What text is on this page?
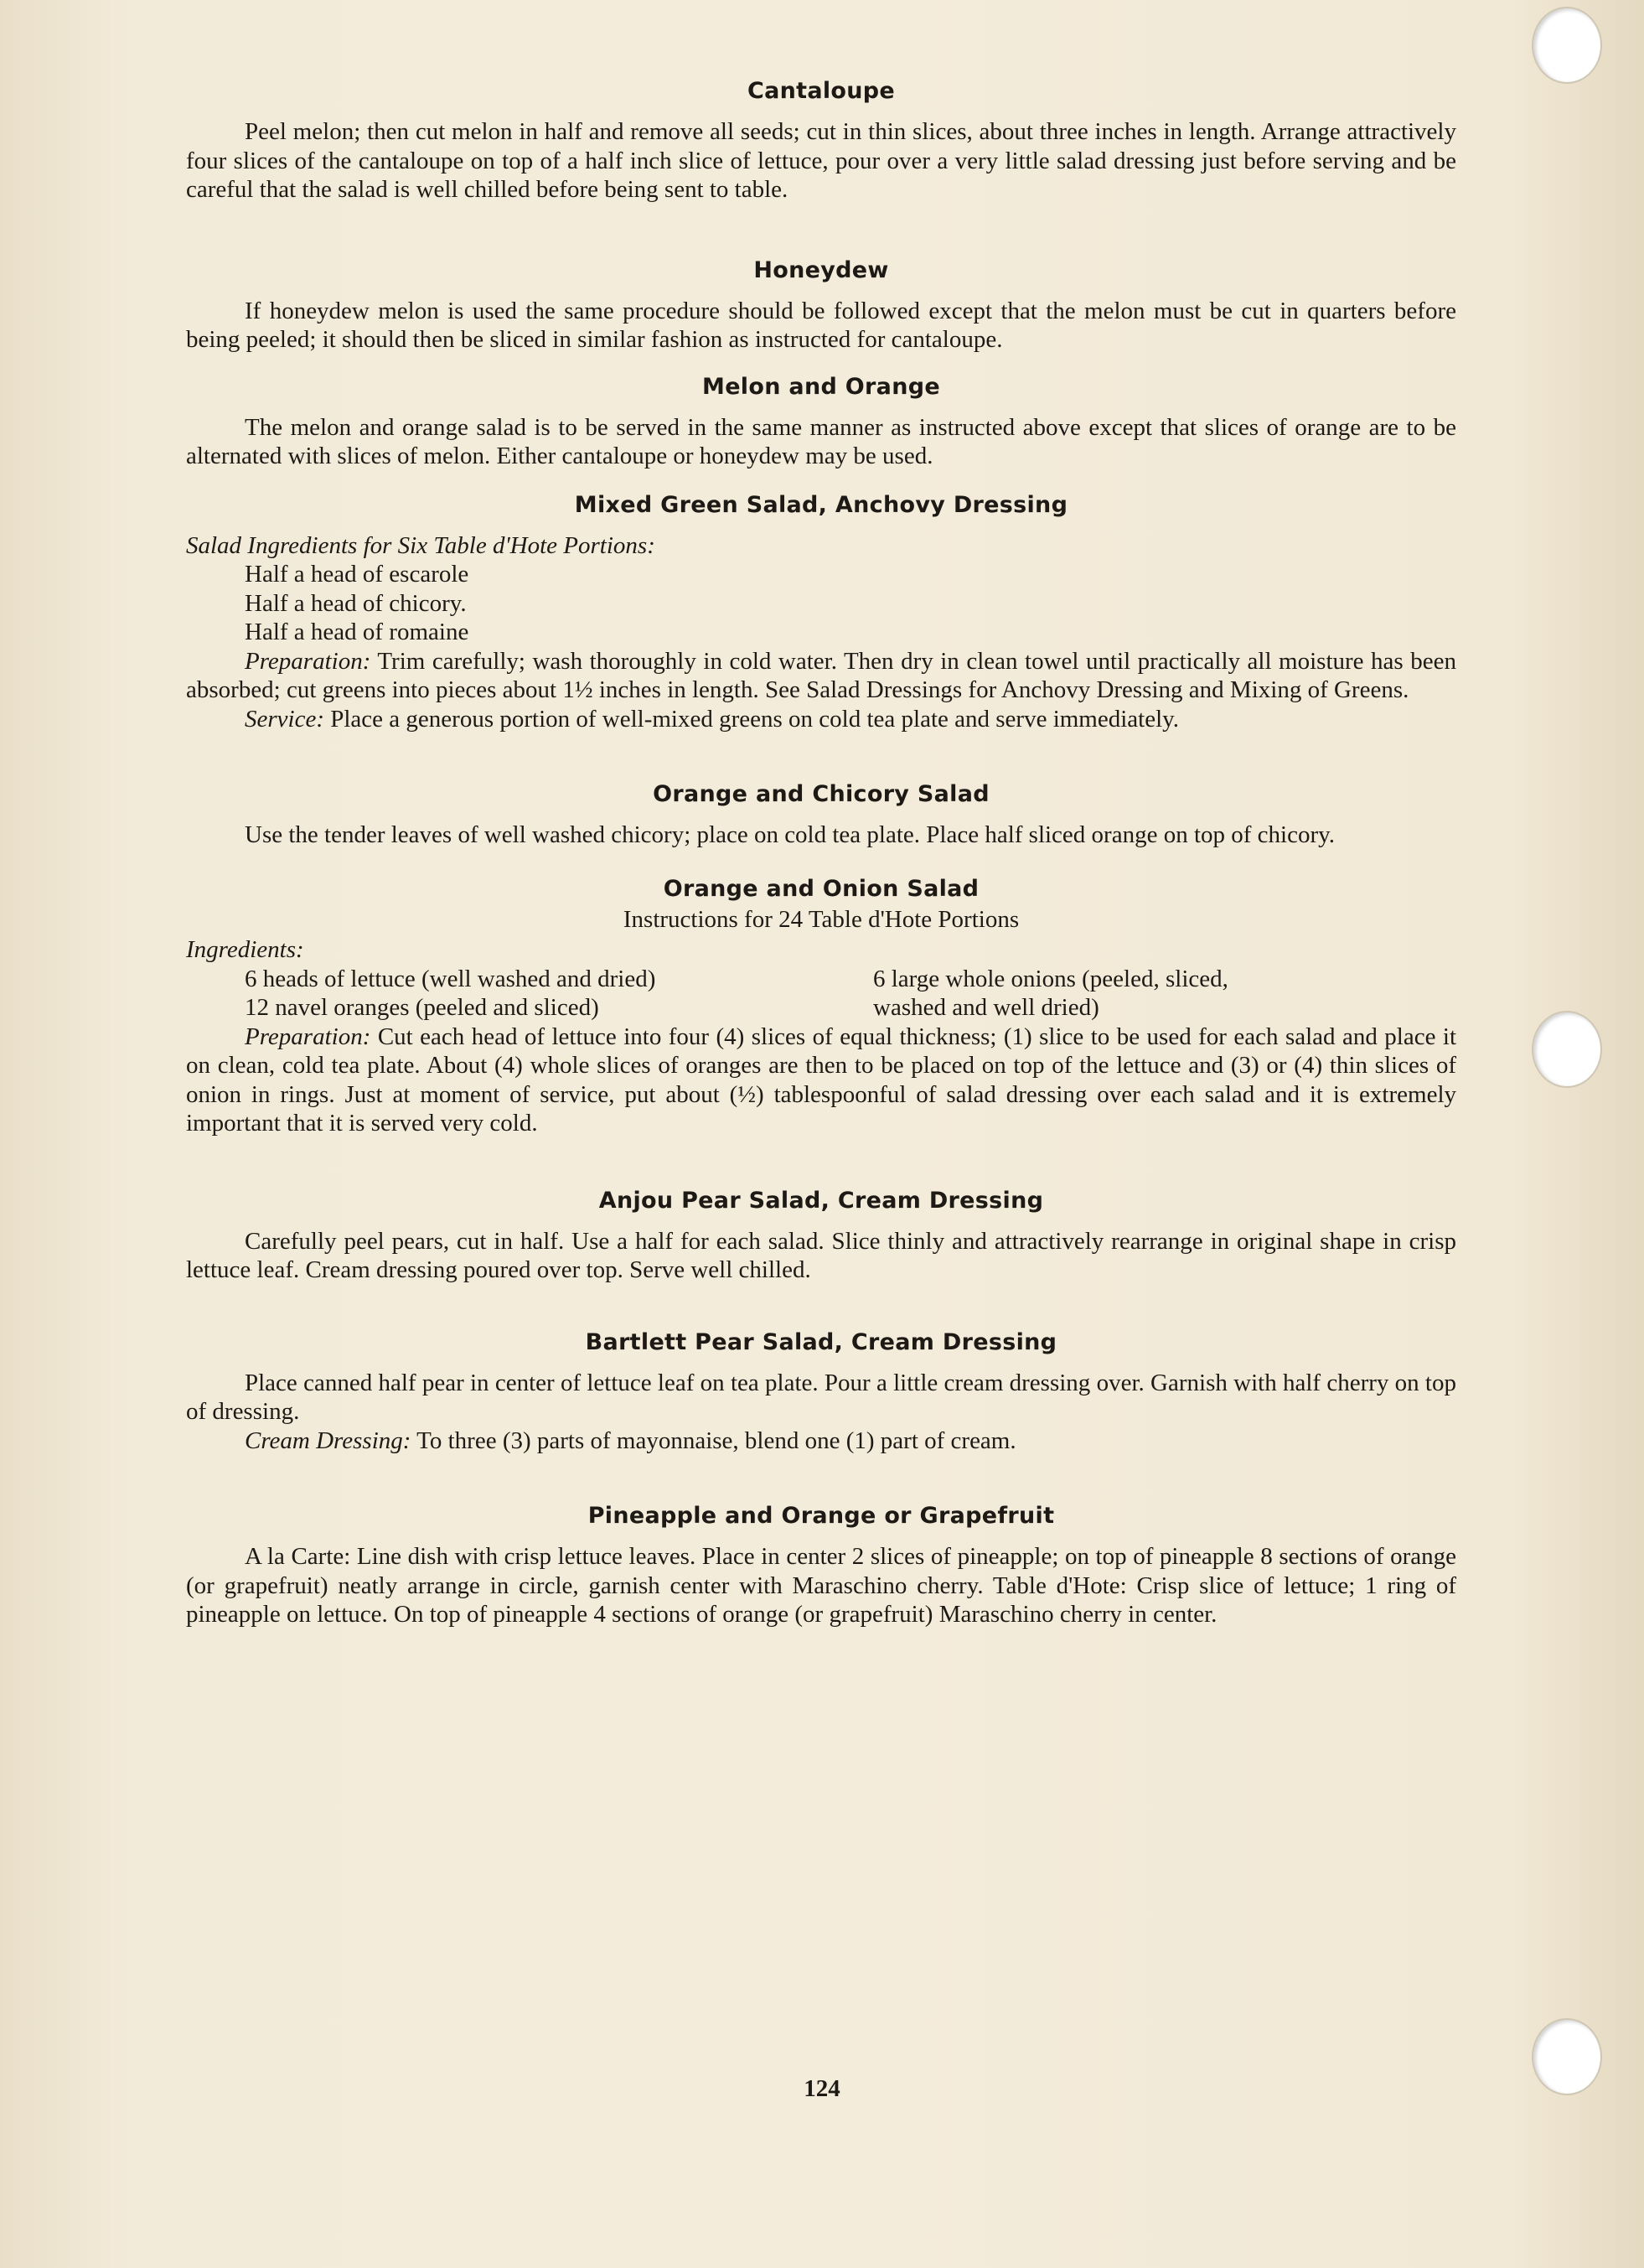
Cantaloupe

Peel melon; then cut melon in half and remove all seeds; cut in thin slices, about three inches in length. Arrange attractively four slices of the cantaloupe on top of a half inch slice of lettuce, pour over a very little salad dressing just before serving and be careful that the salad is well chilled before being sent to table.

Honeydew

If honeydew melon is used the same procedure should be followed except that the melon must be cut in quarters before being peeled; it should then be sliced in similar fashion as instructed for cantaloupe.

Melon and Orange

The melon and orange salad is to be served in the same manner as instructed above except that slices of orange are to be alternated with slices of melon. Either cantaloupe or honeydew may be used.

Mixed Green Salad, Anchovy Dressing

Salad Ingredients for Six Table d'Hote Portions:

Half a head of escarole
Half a head of chicory.
Half a head of romaine

Preparation: Trim carefully; wash thoroughly in cold water. Then dry in clean towel until practically all moisture has been absorbed; cut greens into pieces about 1½ inches in length. See Salad Dressings for Anchovy Dressing and Mixing of Greens.

Service: Place a generous portion of well-mixed greens on cold tea plate and serve immediately.

Orange and Chicory Salad

Use the tender leaves of well washed chicory; place on cold tea plate. Place half sliced orange on top of chicory.

Orange and Onion Salad

Instructions for 24 Table d'Hote Portions

Ingredients:

6 heads of lettuce (well washed and dried)
12 navel oranges (peeled and sliced)
6 large whole onions (peeled, sliced,
washed and well dried)

Preparation: Cut each head of lettuce into four (4) slices of equal thickness; (1) slice to be used for each salad and place it on clean, cold tea plate. About (4) whole slices of oranges are then to be placed on top of the lettuce and (3) or (4) thin slices of onion in rings. Just at moment of service, put about (½) tablespoonful of salad dressing over each salad and it is extremely important that it is served very cold.

Anjou Pear Salad, Cream Dressing

Carefully peel pears, cut in half. Use a half for each salad. Slice thinly and attractively rearrange in original shape in crisp lettuce leaf. Cream dressing poured over top. Serve well chilled.

Bartlett Pear Salad, Cream Dressing

Place canned half pear in center of lettuce leaf on tea plate. Pour a little cream dressing over. Garnish with half cherry on top of dressing.

Cream Dressing: To three (3) parts of mayonnaise, blend one (1) part of cream.

Pineapple and Orange or Grapefruit

A la Carte: Line dish with crisp lettuce leaves. Place in center 2 slices of pineapple; on top of pineapple 8 sections of orange (or grapefruit) neatly arrange in circle, garnish center with Maraschino cherry. Table d'Hote: Crisp slice of lettuce; 1 ring of pineapple on lettuce. On top of pineapple 4 sections of orange (or grapefruit) Maraschino cherry in center.

124
